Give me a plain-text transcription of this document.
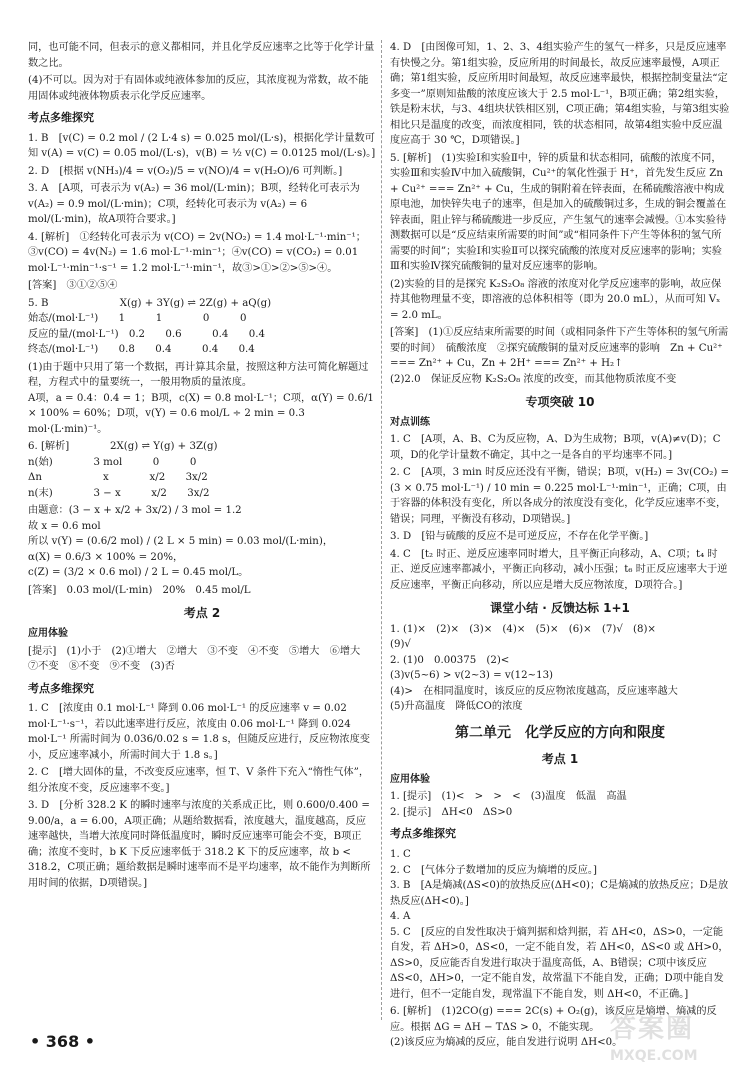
同，也可能不同，但表示的意义都相同，并且化学反应速率之比等于化学计量数之比。
(4)不可以。因为对于有固体或纯液体参加的反应，其浓度视为常数，故不能用固体或纯液体物质表示化学反应速率。
考点多维探究
1. B　[v(C) = 0.2 mol / (2 L·4 s) = 0.025 mol/(L·s)，根据化学计量数可知 v(A) = v(C) = 0.05 mol/(L·s)，v(B) = ½ v(C) = 0.0125 mol/(L·s)。]
2. D　[根据 v(NH₃)/4 = v(O₂)/5 = v(NO)/4 = v(H₂O)/6 可判断。]
3. A　[A项，可表示为 v(A₂) = 36 mol/(L·min)；B项，经转化可表示为 v(A₂) = 0.9 mol/(L·min)；C项，经转化可表示为 v(A₂) = 6 mol/(L·min)，故A项符合要求。]
4. [解析]　①经转化可表示为 v(CO) = 2v(NO₂) = 1.4 mol·L⁻¹·min⁻¹；③v(CO) = 4v(N₂) = 1.6 mol·L⁻¹·min⁻¹；④v(CO) = v(CO₂) = 0.01 mol·L⁻¹·min⁻¹·s⁻¹ = 1.2 mol·L⁻¹·min⁻¹，故③>①>②>⑤>④。
[答案]　③①②⑤④
5. B　　　　　　　X(g) + 3Y(g) ⇌ 2Z(g) + aQ(g)
始态/(mol·L⁻¹)　　1　　　1　　　　0　　　0
反应的量/(mol·L⁻¹)　0.2　　0.6　　　0.4　　0.4
终态/(mol·L⁻¹)　　0.8　　0.4　　　0.4　　0.4
(1)由于题中只用了第一个数据，再计算其余量，按照这种方法可简化解题过程，方程式中的量要统一，一般用物质的量浓度。
A项，a = 0.4：0.4 = 1；B项，c(X) = 0.8 mol·L⁻¹；C项，α(Y) = 0.6/1 × 100% = 60%；D项，v(Y) = 0.6 mol/L ÷ 2 min = 0.3 mol·(L·min)⁻¹。
6. [解析]　　　　2X(g) ⇌ Y(g) + 3Z(g)
n(始)　　　　3 mol　　　0　　　0
Δn　　　　　　x　　　　x/2　　3x/2
n(末)　　　　3 − x　　　x/2　　3x/2
由题意：(3 − x + x/2 + 3x/2) / 3 mol = 1.2
故 x = 0.6 mol
所以 v(Y) = (0.6/2 mol) / (2 L × 5 min) = 0.03 mol/(L·min)，
α(X) = 0.6/3 × 100% = 20%，
c(Z) = (3/2 × 0.6 mol) / 2 L = 0.45 mol/L。
[答案]　0.03 mol/(L·min)　20%　0.45 mol/L
考点 2
应用体验
[提示]　(1)小于　(2)①增大　②增大　③不变　④不变　⑤增大　⑥增大　⑦不变　⑧不变　⑨不变　(3)否
考点多维探究
1. C　[浓度由 0.1 mol·L⁻¹ 降到 0.06 mol·L⁻¹ 的反应速率 v = 0.02 mol·L⁻¹·s⁻¹，若以此速率进行反应，浓度由 0.06 mol·L⁻¹ 降到 0.024 mol·L⁻¹ 所需时间为 0.036/0.02 s = 1.8 s，但随反应进行，反应物浓度变小，反应速率减小，所需时间大于 1.8 s。]
2. C　[增大固体的量，不改变反应速率，恒 T、V 条件下充入“惰性气体”，组分浓度不变，反应速率不变。]
3. D　[分析 328.2 K 的瞬时速率与浓度的关系成正比，则 0.600/0.400 = 9.00/a，a = 6.00，A项正确；从题给数据看，浓度越大，温度越高，反应速率越快，当增大浓度同时降低温度时，瞬时反应速率可能会不变，B项正确；浓度不变时，b K 下反应速率低于 318.2 K 下的反应速率，故 b < 318.2，C项正确；题给数据是瞬时速率而不是平均速率，故不能作为判断所用时间的依据，D项错误。]
4. D　[由图像可知，1、2、3、4组实验产生的氢气一样多，只是反应速率有快慢之分。第1组实验，反应所用的时间最长，故反应速率最慢，A项正确；第1组实验，反应所用时间最短，故反应速率最快，根据控制变量法“定多变一”原则知盐酸的浓度应该大于 2.5 mol·L⁻¹，B项正确；第2组实验，铁是粉末状，与3、4组块状铁相区别，C项正确；第4组实验，与第3组实验相比只是温度的改变，而浓度相同，铁的状态相同，故第4组实验中反应温度应高于 30 ℃，D项错误。]
5. [解析]　(1)实验Ⅰ和实验Ⅱ中，锌的质量和状态相同，硫酸的浓度不同，实验Ⅲ和实验Ⅳ中加入硫酸铜，Cu²⁺的氧化性强于 H⁺，首先发生反应 Zn + Cu²⁺ === Zn²⁺ + Cu，生成的铜附着在锌表面，在稀硫酸溶液中构成原电池，加快锌失电子的速率，但是加入的硫酸铜过多，生成的铜会覆盖在锌表面，阻止锌与稀硫酸进一步反应，产生氢气的速率会减慢。①本实验待测数据可以是“反应结束所需要的时间”或“相同条件下产生等体积的氢气所需要的时间”；实验Ⅰ和实验Ⅱ可以探究硫酸的浓度对反应速率的影响；实验Ⅲ和实验Ⅳ探究硫酸铜的量对反应速率的影响。
(2)实验的目的是探究 K₂S₂O₈ 溶液的浓度对化学反应速率的影响，故应保持其他物理量不变，即溶液的总体积相等（即为 20.0 mL），从而可知 Vₓ = 2.0 mL。
[答案]　(1)①反应结束所需要的时间（或相同条件下产生等体积的氢气所需要的时间）　硫酸浓度　②探究硫酸铜的量对反应速率的影响　Zn + Cu²⁺ === Zn²⁺ + Cu，Zn + 2H⁺ === Zn²⁺ + H₂↑
(2)2.0　保证反应物 K₂S₂O₈ 浓度的改变，而其他物质浓度不变
专项突破 10
对点训练
1. C　[A项，A、B、C为反应物，A、D为生成物；B项，v(A)≠v(D)；C项，D的化学计量数不确定，其中之一是各自的平均速率不同。]
2. C　[A项，3 min 时反应还没有平衡，错误；B项，v(H₂) = 3v(CO₂) = (3 × 0.75 mol·L⁻¹) / 10 min = 0.225 mol·L⁻¹·min⁻¹，正确；C项，由于容器的体积没有变化，所以各成分的浓度没有变化，化学反应速率不变，错误；同理，平衡没有移动，D项错误。]
3. D　[铅与硫酸的反应不是可逆反应，不存在化学平衡。]
4. C　[t₂ 时正、逆反应速率同时增大，且平衡正向移动，A、C项；t₄ 时正、逆反应速率都减小，平衡正向移动，减小压强；t₆ 时正反应速率大于逆反应速率，平衡正向移动，所以应是增大反应物浓度，D项符合。]
课堂小结 · 反馈达标 1+1
1. (1)×　(2)×　(3)×　(4)×　(5)×　(6)×　(7)√　(8)×
(9)√
2. (1)0　0.00375　(2)<
(3)v(5~6) > v(2~3) = v(12~13)
(4)>　在相同温度时，该反应的反应物浓度越高，反应速率越大
(5)升高温度　降低CO的浓度
第二单元　化学反应的方向和限度
考点 1
应用体验
1. [提示]　(1)<　>　>　<　(3)温度　低温　高温
2. [提示]　ΔH<0　ΔS>0
考点多维探究
1. C
2. C　[气体分子数增加的反应为熵增的反应。]
3. B　[A是熵减(ΔS<0)的放热反应(ΔH<0)；C是熵减的放热反应；D是放热反应(ΔH<0)。]
4. A
5. C　[反应的自发性取决于熵判据和焓判据，若 ΔH<0，ΔS>0，一定能自发，若 ΔH>0，ΔS<0，一定不能自发，若 ΔH<0，ΔS<0 或 ΔH>0，ΔS>0，反应能否自发进行取决于温度高低，A、B错误；C项中该反应 ΔS<0，ΔH>0，一定不能自发，故常温下不能自发，正确；D项中能自发进行，但不一定能自发，现常温下不能自发，则 ΔH<0，不正确。]
6. [解析]　(1)2CO(g) === 2C(s) + O₂(g)，该反应是熵增、熵减的反应。根据 ΔG = ΔH − TΔS > 0，不能实现。
(2)该反应为熵减的反应，能自发进行说明 ΔH<0。
• 368 •	答案圈
MXQE.COM
